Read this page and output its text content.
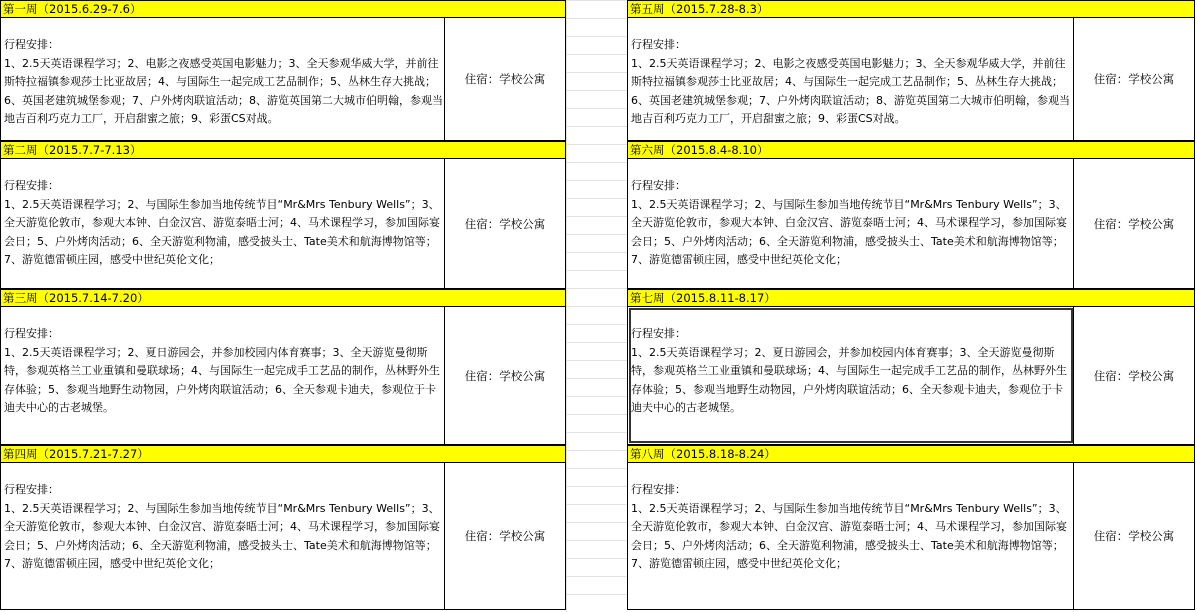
第一周（2015.6.29-7.6）
行程安排：
1、2.5天英语课程学习；2、电影之夜感受英国电影魅力；3、全天参观华威大学，并前往斯特拉福镇参观莎士比亚故居；4、与国际生一起完成工艺品制作；5、丛林生存大挑战；6、英国老建筑城堡参观；7、户外烤肉联谊活动；8、游览英国第二大城市伯明翰，参观当地吉百利巧克力工厂，开启甜蜜之旅；9、彩蛋CS对战。
住宿：学校公寓
第二周（2015.7.7-7.13）
行程安排：
1、2.5天英语课程学习；2、与国际生参加当地传统节目“Mr&Mrs Tenbury Wells”；3、全天游览伦敦市，参观大本钟、白金汉宫、游览泰晤士河；4、马术课程学习，参加国际宴会日；5、户外烤肉活动；6、全天游览利物浦，感受披头士、Tate美术和航海博物馆等；7、游览德雷顿庄园，感受中世纪英伦文化；
住宿：学校公寓
第三周（2015.7.14-7.20）
行程安排：
1、2.5天英语课程学习；2、夏日游园会，并参加校园内体育赛事；3、全天游览曼彻斯特，参观英格兰工业重镇和曼联球场；4、与国际生一起完成手工艺品的制作，丛林野外生存体验；5、参观当地野生动物园，户外烤肉联谊活动；6、全天参观卡迪夫，参观位于卡迪夫中心的古老城堡。
住宿：学校公寓
第四周（2015.7.21-7.27）
行程安排：
1、2.5天英语课程学习；2、与国际生参加当地传统节目“Mr&Mrs Tenbury Wells”；3、全天游览伦敦市，参观大本钟、白金汉宫、游览泰晤士河；4、马术课程学习，参加国际宴会日；5、户外烤肉活动；6、全天游览利物浦，感受披头士、Tate美术和航海博物馆等；7、游览德雷顿庄园，感受中世纪英伦文化；
住宿：学校公寓
第五周（2015.7.28-8.3）
行程安排：
1、2.5天英语课程学习；2、电影之夜感受英国电影魅力；3、全天参观华威大学，并前往斯特拉福镇参观莎士比亚故居；4、与国际生一起完成工艺品制作；5、丛林生存大挑战；6、英国老建筑城堡参观；7、户外烤肉联谊活动；8、游览英国第二大城市伯明翰，参观当地吉百利巧克力工厂，开启甜蜜之旅；9、彩蛋CS对战。
住宿：学校公寓
第六周（2015.8.4-8.10）
行程安排：
1、2.5天英语课程学习；2、与国际生参加当地传统节目“Mr&Mrs Tenbury Wells”；3、全天游览伦敦市，参观大本钟、白金汉宫、游览泰晤士河；4、马术课程学习，参加国际宴会日；5、户外烤肉活动；6、全天游览利物浦，感受披头士、Tate美术和航海博物馆等；7、游览德雷顿庄园，感受中世纪英伦文化；
住宿：学校公寓
第七周（2015.8.11-8.17）
行程安排：
1、2.5天英语课程学习；2、夏日游园会，并参加校园内体育赛事；3、全天游览曼彻斯特，参观英格兰工业重镇和曼联球场；4、与国际生一起完成手工艺品的制作，丛林野外生存体验；5、参观当地野生动物园，户外烤肉联谊活动；6、全天参观卡迪夫，参观位于卡迪夫中心的古老城堡。
住宿：学校公寓
第八周（2015.8.18-8.24）
行程安排：
1、2.5天英语课程学习；2、与国际生参加当地传统节目“Mr&Mrs Tenbury Wells”；3、全天游览伦敦市，参观大本钟、白金汉宫、游览泰晤士河；4、马术课程学习，参加国际宴会日；5、户外烤肉活动；6、全天游览利物浦，感受披头士、Tate美术和航海博物馆等；7、游览德雷顿庄园，感受中世纪英伦文化；
住宿：学校公寓
